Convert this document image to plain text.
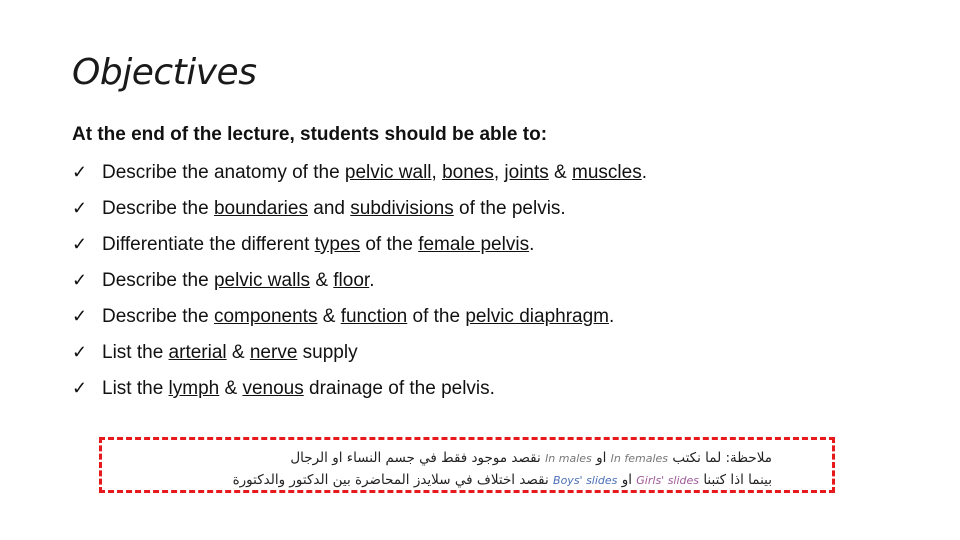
Objectives
At the end of the lecture, students should be able to:
✓ Describe the anatomy of the pelvic wall, bones, joints & muscles.
✓ Describe the boundaries and subdivisions of the pelvis.
✓ Differentiate the different types of the female pelvis.
✓ Describe the pelvic walls & floor.
✓ Describe the components & function of the pelvic diaphragm.
✓ List the arterial & nerve supply
✓ List the lymph & venous drainage of the pelvis.
ملاحظة: لما نكتب In females او In males نقصد موجود فقط في جسم النساء او الرجال
بينما اذا كتبنا Girls' slides او Boys' slides نقصد اختلاف في سلايدز المحاضرة بين الدكتور والدكتورة
